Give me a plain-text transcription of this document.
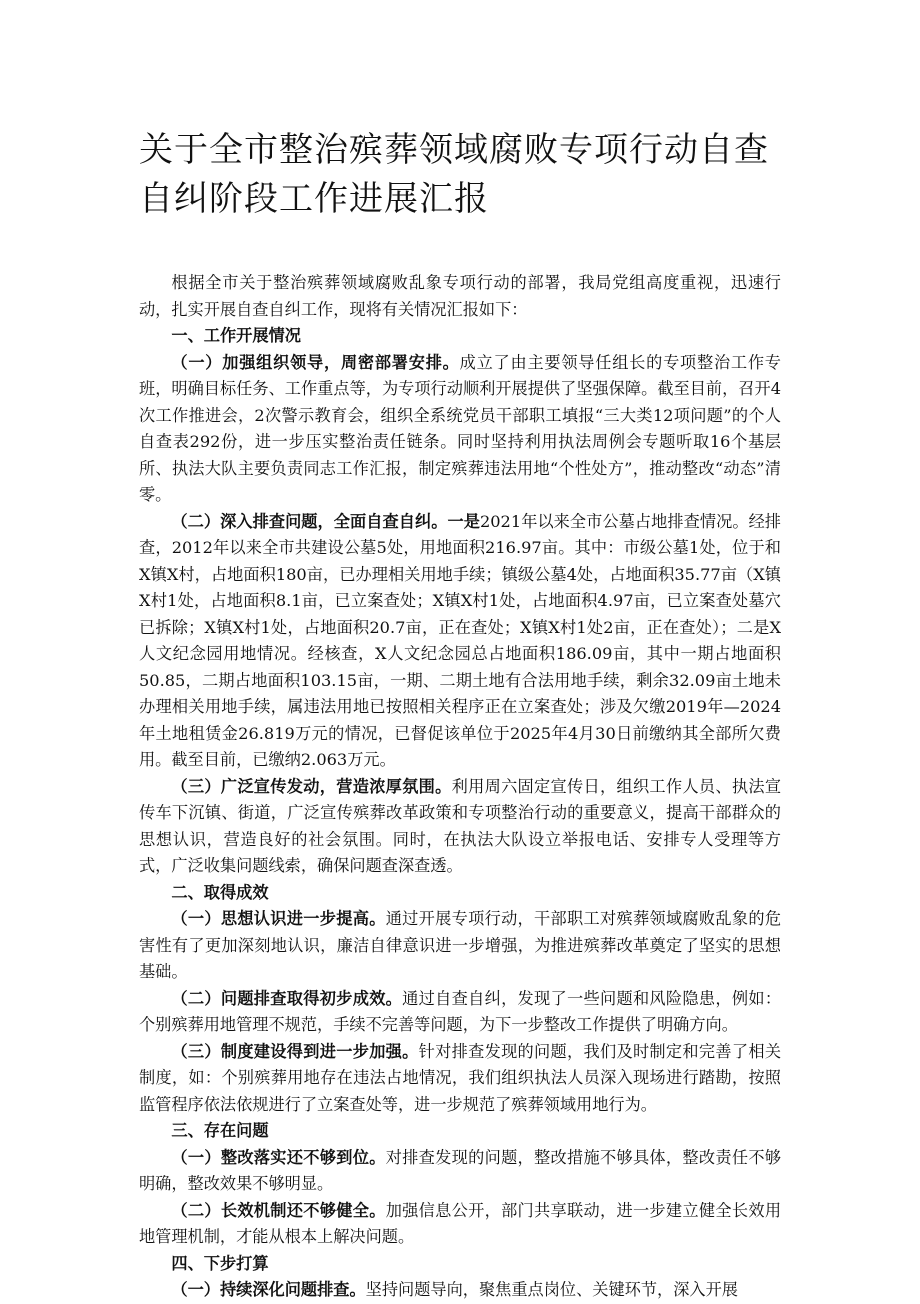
关于全市整治殡葬领域腐败专项行动自查自纠阶段工作进展汇报

根据全市关于整治殡葬领域腐败乱象专项行动的部署，我局党组高度重视，迅速行动，扎实开展自查自纠工作，现将有关情况汇报如下：

一、工作开展情况

（一）加强组织领导，周密部署安排。成立了由主要领导任组长的专项整治工作专班，明确目标任务、工作重点等，为专项行动顺利开展提供了坚强保障。截至目前，召开4次工作推进会，2次警示教育会，组织全系统党员干部职工填报“三大类12项问题”的个人自查表292份，进一步压实整治责任链条。同时坚持利用执法周例会专题听取16个基层所、执法大队主要负责同志工作汇报，制定殡葬违法用地“个性处方”，推动整改“动态”清零。

（二）深入排查问题，全面自查自纠。一是2021年以来全市公墓占地排查情况。经排查，2012年以来全市共建设公墓5处，用地面积216.97亩。其中：市级公墓1处，位于和X镇X村，占地面积180亩，已办理相关用地手续；镇级公墓4处，占地面积35.77亩（X镇X村1处，占地面积8.1亩，已立案查处；X镇X村1处，占地面积4.97亩，已立案查处墓穴已拆除；X镇X村1处，占地面积20.7亩，正在查处；X镇X村1处2亩，正在查处）；二是X人文纪念园用地情况。经核查，X人文纪念园总占地面积186.09亩，其中一期占地面积50.85，二期占地面积103.15亩，一期、二期土地有合法用地手续，剩余32.09亩土地未办理相关用地手续，属违法用地已按照相关程序正在立案查处；涉及欠缴2019年—2024年土地租赁金26.819万元的情况，已督促该单位于2025年4月30日前缴纳其全部所欠费用。截至目前，已缴纳2.063万元。

（三）广泛宣传发动，营造浓厚氛围。利用周六固定宣传日，组织工作人员、执法宣传车下沉镇、街道，广泛宣传殡葬改革政策和专项整治行动的重要意义，提高干部群众的思想认识，营造良好的社会氛围。同时，在执法大队设立举报电话、安排专人受理等方式，广泛收集问题线索，确保问题查深查透。

二、取得成效

（一）思想认识进一步提高。通过开展专项行动，干部职工对殡葬领域腐败乱象的危害性有了更加深刻地认识，廉洁自律意识进一步增强，为推进殡葬改革奠定了坚实的思想基础。

（二）问题排查取得初步成效。通过自查自纠，发现了一些问题和风险隐患，例如：个别殡葬用地管理不规范，手续不完善等问题，为下一步整改工作提供了明确方向。

（三）制度建设得到进一步加强。针对排查发现的问题，我们及时制定和完善了相关制度，如：个别殡葬用地存在违法占地情况，我们组织执法人员深入现场进行踏勘，按照监管程序依法依规进行了立案查处等，进一步规范了殡葬领域用地行为。

三、存在问题

（一）整改落实还不够到位。对排查发现的问题，整改措施不够具体，整改责任不够明确，整改效果不够明显。

（二）长效机制还不够健全。加强信息公开，部门共享联动，进一步建立健全长效用地管理机制，才能从根本上解决问题。

四、下步打算

（一）持续深化问题排查。坚持问题导向，聚焦重点岗位、关键环节，深入开展
